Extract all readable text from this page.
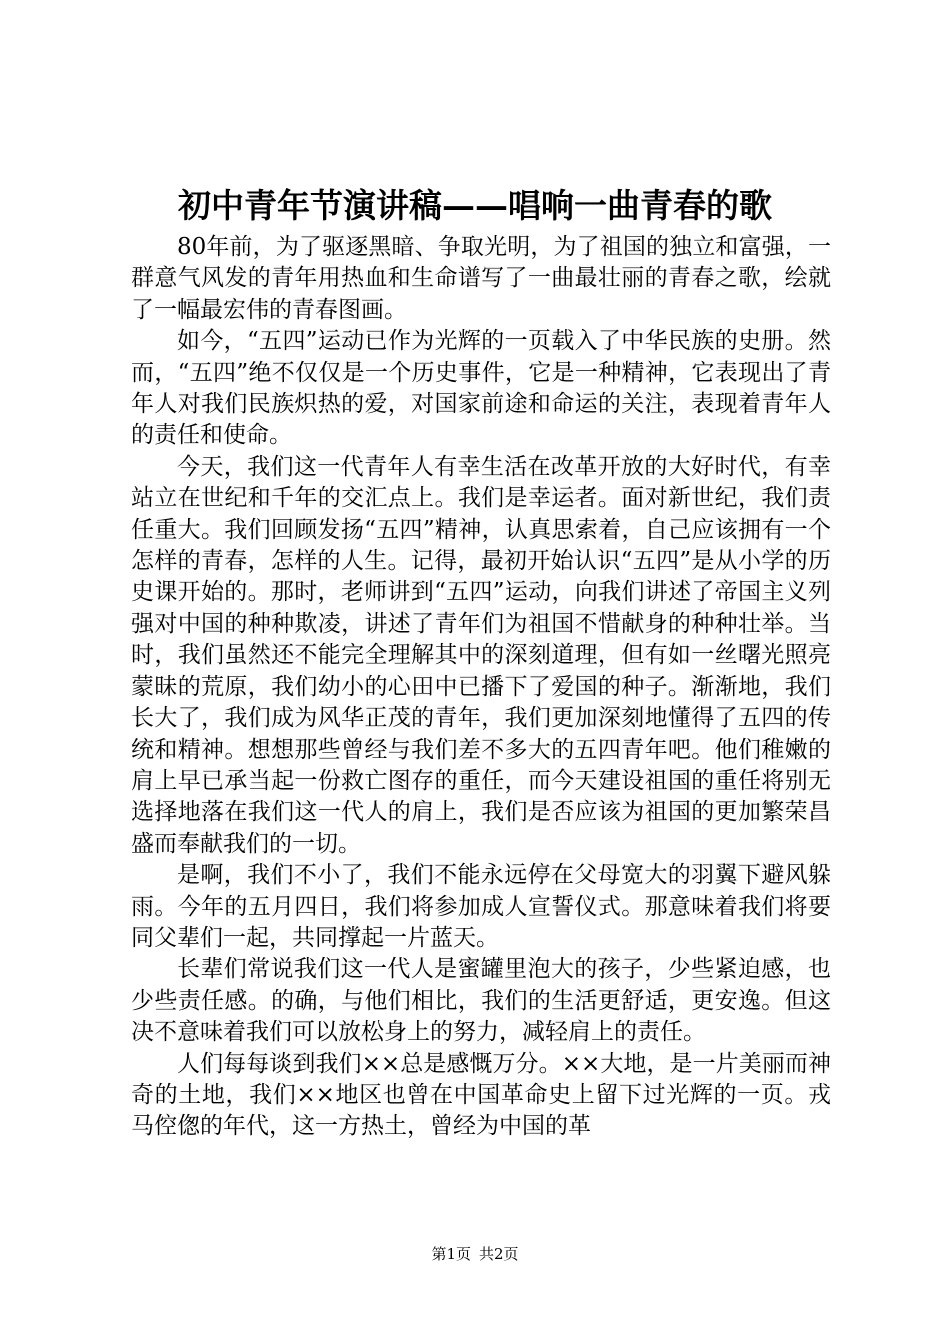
初中青年节演讲稿——唱响一曲青春的歌

80年前，为了驱逐黑暗、争取光明，为了祖国的独立和富强，一群意气风发的青年用热血和生命谱写了一曲最壮丽的青春之歌，绘就了一幅最宏伟的青春图画。

如今，“五四”运动已作为光辉的一页载入了中华民族的史册。然而，“五四”绝不仅仅是一个历史事件，它是一种精神，它表现出了青年人对我们民族炽热的爱，对国家前途和命运的关注，表现着青年人的责任和使命。

今天，我们这一代青年人有幸生活在改革开放的大好时代，有幸站立在世纪和千年的交汇点上。我们是幸运者。面对新世纪，我们责任重大。我们回顾发扬“五四”精神，认真思索着，自己应该拥有一个怎样的青春，怎样的人生。记得，最初开始认识“五四”是从小学的历史课开始的。那时，老师讲到“五四”运动，向我们讲述了帝国主义列强对中国的种种欺凌，讲述了青年们为祖国不惜献身的种种壮举。当时，我们虽然还不能完全理解其中的深刻道理，但有如一丝曙光照亮蒙昧的荒原，我们幼小的心田中已播下了爱国的种子。渐渐地，我们长大了，我们成为风华正茂的青年，我们更加深刻地懂得了五四的传统和精神。想想那些曾经与我们差不多大的五四青年吧。他们稚嫩的肩上早已承当起一份救亡图存的重任，而今天建设祖国的重任将别无选择地落在我们这一代人的肩上，我们是否应该为祖国的更加繁荣昌盛而奉献我们的一切。

是啊，我们不小了，我们不能永远停在父母宽大的羽翼下避风躲雨。今年的五月四日，我们将参加成人宣誓仪式。那意味着我们将要同父辈们一起，共同撑起一片蓝天。

长辈们常说我们这一代人是蜜罐里泡大的孩子，少些紧迫感，也少些责任感。的确，与他们相比，我们的生活更舒适，更安逸。但这决不意味着我们可以放松身上的努力，减轻肩上的责任。

人们每每谈到我们××总是感慨万分。××大地，是一片美丽而神奇的土地，我们××地区也曾在中国革命史上留下过光辉的一页。戎马倥偬的年代，这一方热土，曾经为中国的革

第1页 共2页
